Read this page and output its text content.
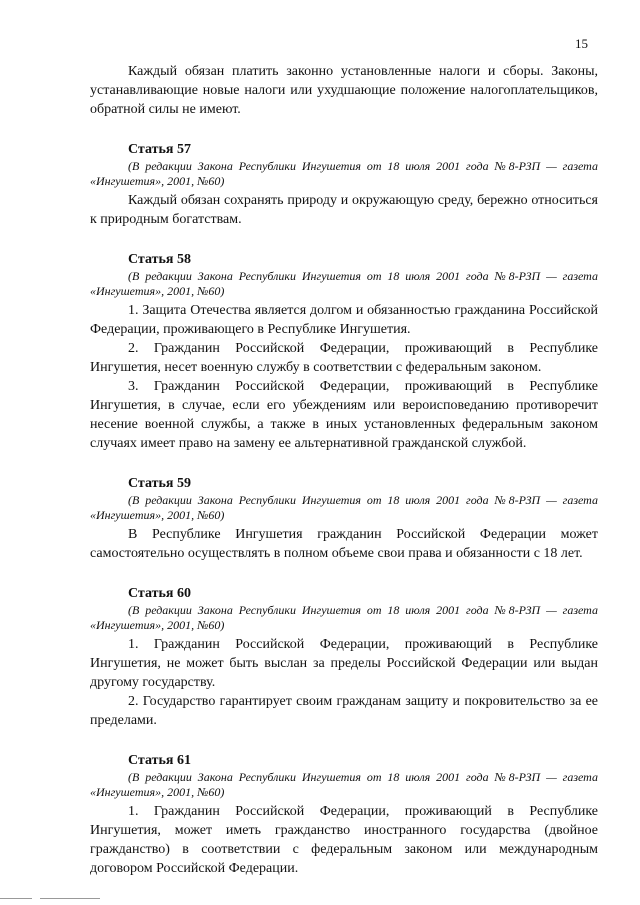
15

Каждый обязан платить законно установленные налоги и сборы. Законы, устанавливающие новые налоги или ухудшающие положение налогоплательщиков, обратной силы не имеют.

Статья 57
(В редакции Закона Республики Ингушетия от 18 июля 2001 года №8-РЗП — газета «Ингушетия», 2001, №60)

Каждый обязан сохранять природу и окружающую среду, бережно относиться к природным богатствам.

Статья 58
(В редакции Закона Республики Ингушетия от 18 июля 2001 года №8-РЗП — газета «Ингушетия», 2001, №60)

1. Защита Отечества является долгом и обязанностью гражданина Российской Федерации, проживающего в Республике Ингушетия.

2. Гражданин Российской Федерации, проживающий в Республике Ингушетия, несет военную службу в соответствии с федеральным законом.

3. Гражданин Российской Федерации, проживающий в Республике Ингушетия, в случае, если его убеждениям или вероисповеданию противоречит несение военной службы, а также в иных установленных федеральным законом случаях имеет право на замену ее альтернативной гражданской службой.

Статья 59
(В редакции Закона Республики Ингушетия от 18 июля 2001 года №8-РЗП — газета «Ингушетия», 2001, №60)

В Республике Ингушетия гражданин Российской Федерации может самостоятельно осуществлять в полном объеме свои права и обязанности с 18 лет.

Статья 60
(В редакции Закона Республики Ингушетия от 18 июля 2001 года №8-РЗП — газета «Ингушетия», 2001, №60)

1. Гражданин Российской Федерации, проживающий в Республике Ингушетия, не может быть выслан за пределы Российской Федерации или выдан другому государству.

2. Государство гарантирует своим гражданам защиту и покровительство за ее пределами.

Статья 61
(В редакции Закона Республики Ингушетия от 18 июля 2001 года №8-РЗП — газета «Ингушетия», 2001, №60)

1. Гражданин Российской Федерации, проживающий в Республике Ингушетия, может иметь гражданство иностранного государства (двойное гражданство) в соответствии с федеральным законом или международным договором Российской Федерации.
